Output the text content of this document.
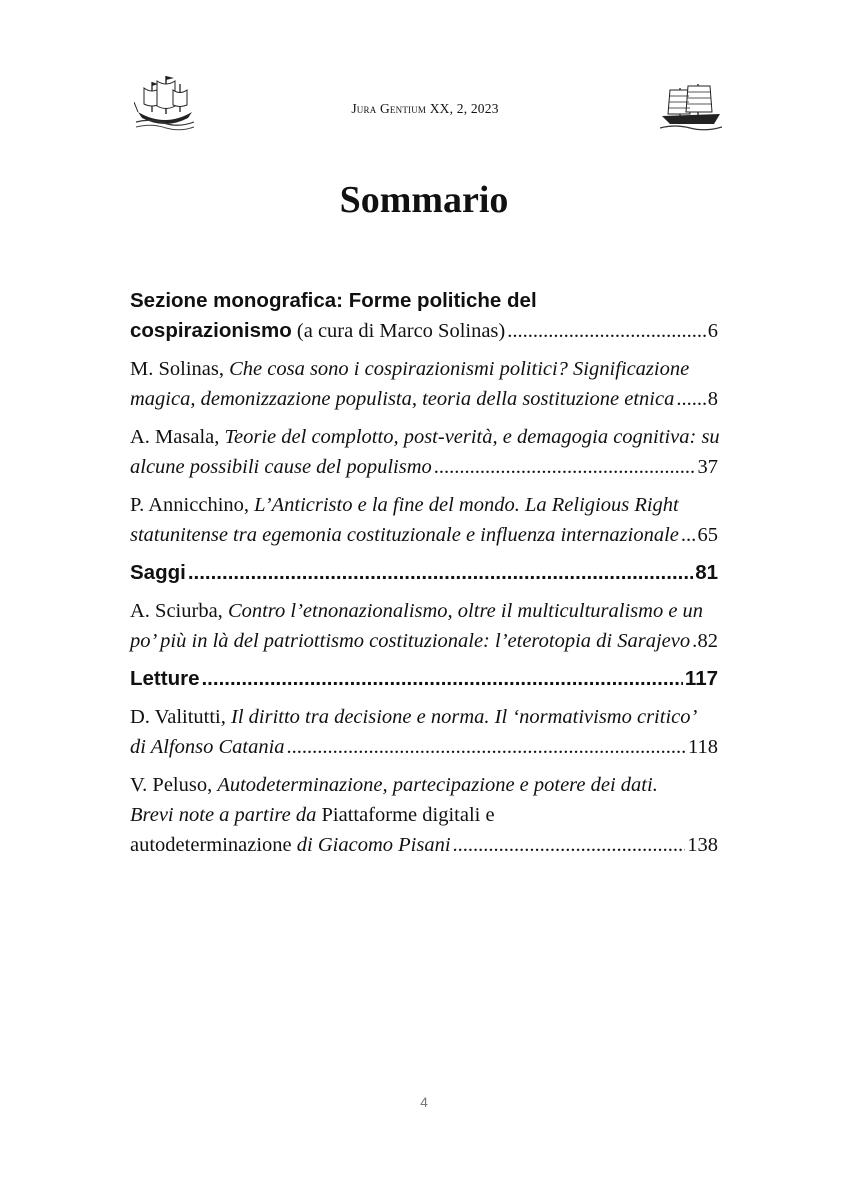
Jura Gentium XX, 2, 2023
Sommario
Sezione monografica: Forme politiche del
cospirazionismo (a cura di Marco Solinas) .....	6
M. Solinas, Che cosa sono i cospirazionismi politici? Significazione
magica, demonizzazione populista, teoria della sostituzione etnica ..... 8
A. Masala, Teorie del complotto, post-verità, e demagogia cognitiva: su
alcune possibili cause del populismo .....	37
P. Annicchino, L’Anticristo e la fine del mondo. La Religious Right
statunitense tra egemonia costituzionale e influenza internazionale ..... 65
Saggi .....	81
A. Sciurba, Contro l’etnonazionalismo, oltre il multiculturalismo e un
po’ più in là del patriottismo costituzionale: l’eterotopia di Sarajevo ..... 82
Letture .....	117
D. Valitutti, Il diritto tra decisione e norma. Il ‘normativismo critico’
di Alfonso Catania .....	118
V. Peluso, Autodeterminazione, partecipazione e potere dei dati.
Brevi note a partire da Piattaforme digitali e
autodeterminazione di Giacomo Pisani .....	138
4
